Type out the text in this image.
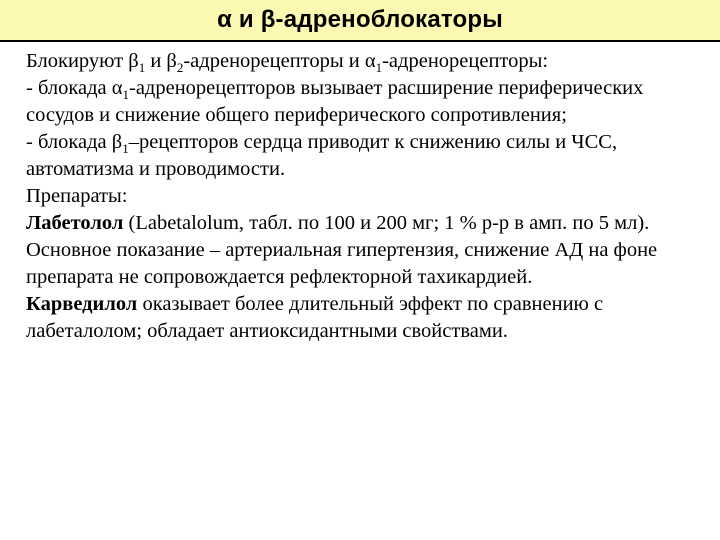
α и β-адреноблокаторы

Блокируют $\beta_1$ и $\beta_2$-адренорецепторы и $\alpha_1$-адренорецепторы:

- блокада $\alpha_1$-адренорецепторов вызывает расширение периферических сосудов и снижение общего периферического сопротивления;

- блокада $\beta_1$–рецепторов сердца приводит к снижению силы и ЧСС, автоматизма и проводимости.

Препараты:

Лабетолол (Labetalolum, табл. по 100 и 200 мг; 1 % р-р в амп. по 5 мл). Основное показание – артериальная гипертензия, снижение АД на фоне препарата не сопровождается рефлекторной тахикардией.

Карведилол оказывает более длительный эффект по сравнению с лабеталолом; обладает антиоксидантными свойствами.
